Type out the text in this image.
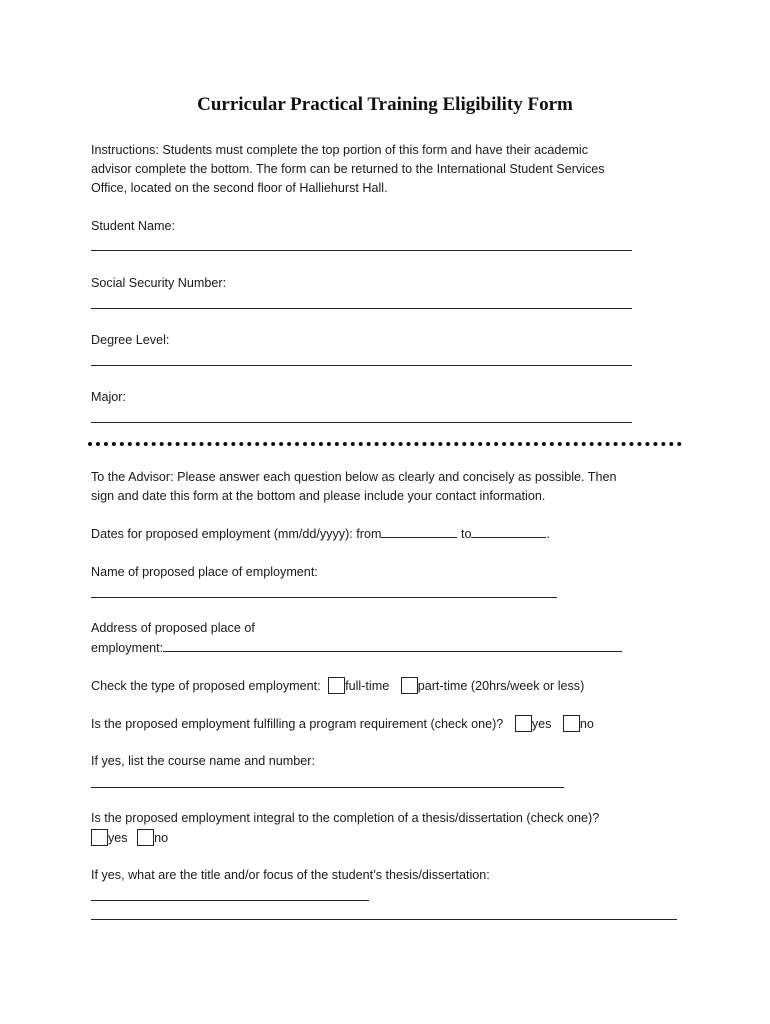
Curricular Practical Training Eligibility Form
Instructions: Students must complete the top portion of this form and have their academic
advisor complete the bottom. The form can be returned to the International Student Services
Office, located on the second floor of Halliehurst Hall.
Student Name:
Social Security Number:
Degree Level:
Major:
To the Advisor: Please answer each question below as clearly and concisely as possible. Then
sign and date this form at the bottom and please include your contact information.
Dates for proposed employment (mm/dd/yyyy): from	to	.
Name of proposed place of employment:
Address of proposed place of
employment:
Check the type of proposed employment: full-time part-time (20hrs/week or less)
Is the proposed employment fulfilling a program requirement (check one)? yes no
If yes, list the course name and number:
Is the proposed employment integral to the completion of a thesis/dissertation (check one)?
yes no
If yes, what are the title and/or focus of the student’s thesis/dissertation:
